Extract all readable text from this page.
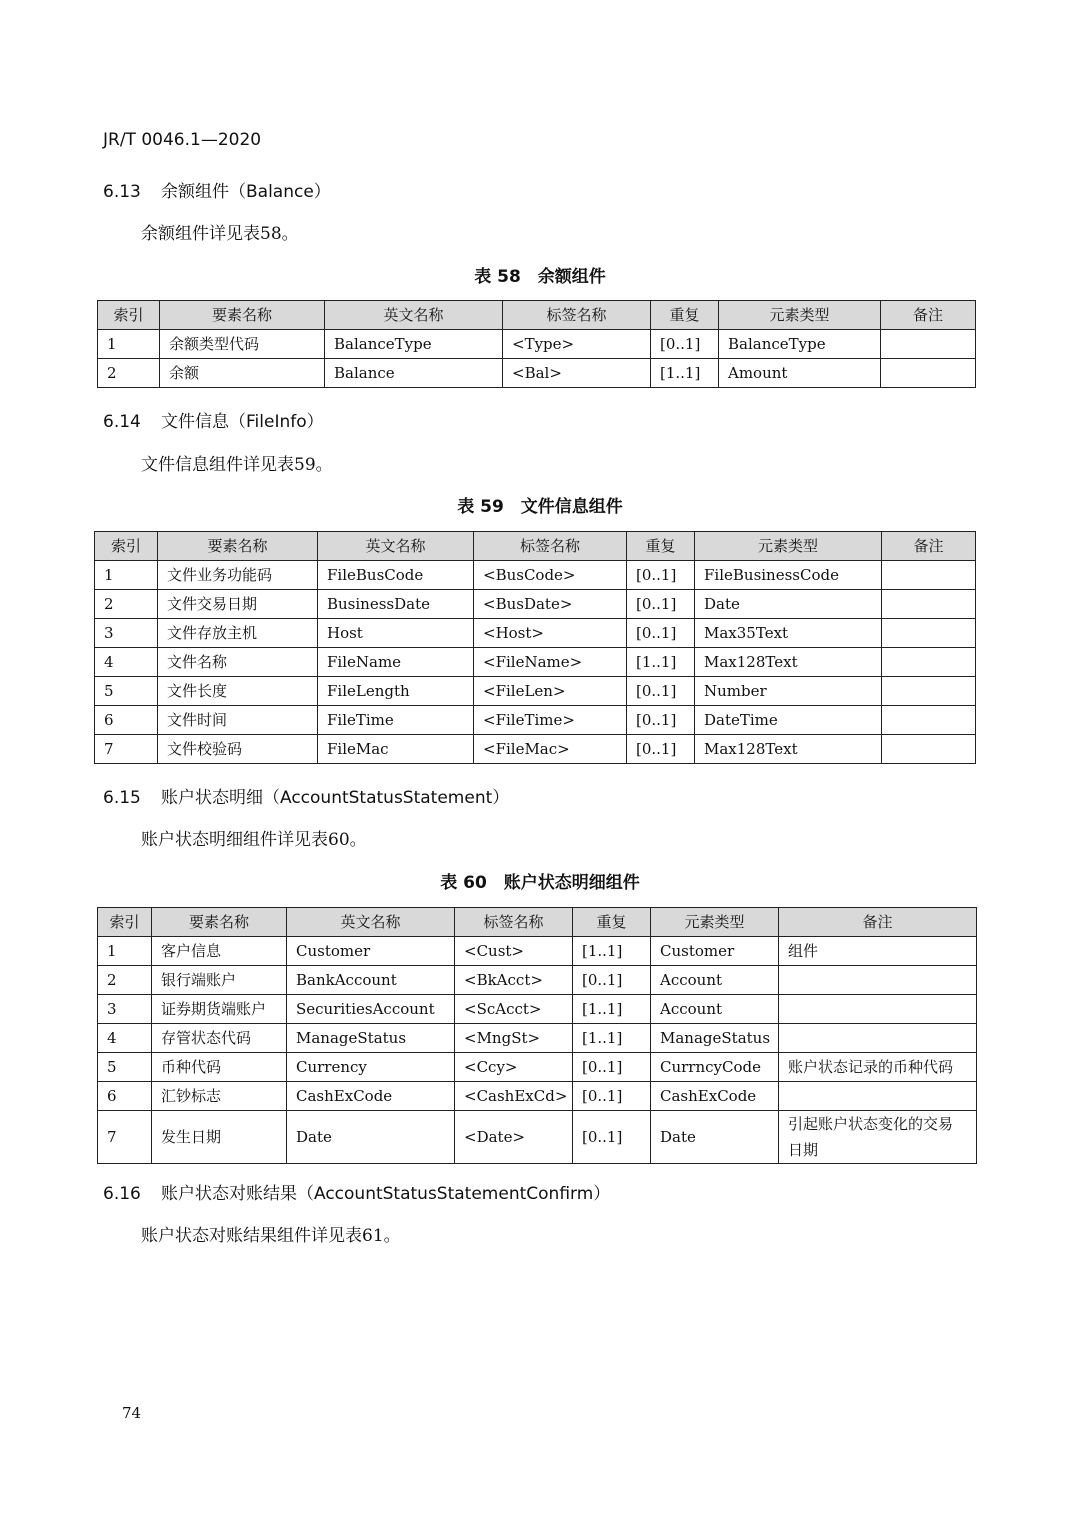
JR/T 0046.1—2020
6.13 余额组件（Balance）
余额组件详见表58。
表 58　余额组件
索引	要素名称	英文名称	标签名称	重复	元素类型	备注
1	余额类型代码	BalanceType	<Type>	[0..1]	BalanceType	
2	余额	Balance	<Bal>	[1..1]	Amount	
6.14 文件信息（FileInfo）
文件信息组件详见表59。
表 59　文件信息组件
索引	要素名称	英文名称	标签名称	重复	元素类型	备注
1	文件业务功能码	FileBusCode	<BusCode>	[0..1]	FileBusinessCode	
2	文件交易日期	BusinessDate	<BusDate>	[0..1]	Date	
3	文件存放主机	Host	<Host>	[0..1]	Max35Text	
4	文件名称	FileName	<FileName>	[1..1]	Max128Text	
5	文件长度	FileLength	<FileLen>	[0..1]	Number	
6	文件时间	FileTime	<FileTime>	[0..1]	DateTime	
7	文件校验码	FileMac	<FileMac>	[0..1]	Max128Text	
6.15 账户状态明细（AccountStatusStatement）
账户状态明细组件详见表60。
表 60　账户状态明细组件
索引	要素名称	英文名称	标签名称	重复	元素类型	备注
1	客户信息	Customer	<Cust>	[1..1]	Customer	组件
2	银行端账户	BankAccount	<BkAcct>	[0..1]	Account	
3	证券期货端账户	SecuritiesAccount	<ScAcct>	[1..1]	Account	
4	存管状态代码	ManageStatus	<MngSt>	[1..1]	ManageStatus	
5	币种代码	Currency	<Ccy>	[0..1]	CurrncyCode	账户状态记录的币种代码
6	汇钞标志	CashExCode	<CashExCd>	[0..1]	CashExCode	
7	发生日期	Date	<Date>	[0..1]	Date	引起账户状态变化的交易日期
6.16 账户状态对账结果（AccountStatusStatementConfirm）
账户状态对账结果组件详见表61。
74
